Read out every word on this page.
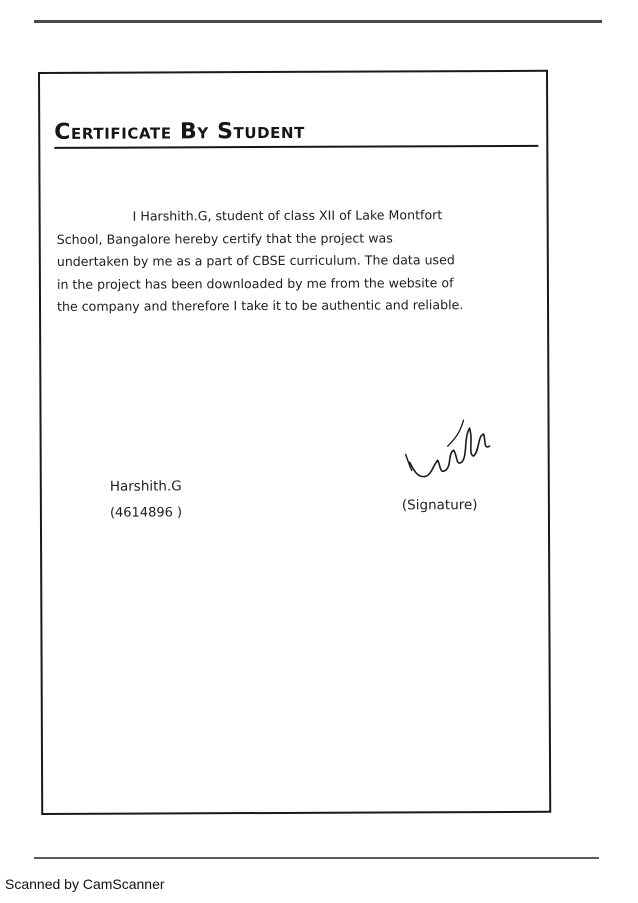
Certificate By Student

I Harshith.G, student of class XII of Lake Montfort
School, Bangalore hereby certify that the project was
undertaken by me as a part of CBSE curriculum. The data used
in the project has been downloaded by me from the website of
the company and therefore I take it to be authentic and reliable.

Harshith.G
(4614896 )	(Signature)
Scanned by CamScanner
